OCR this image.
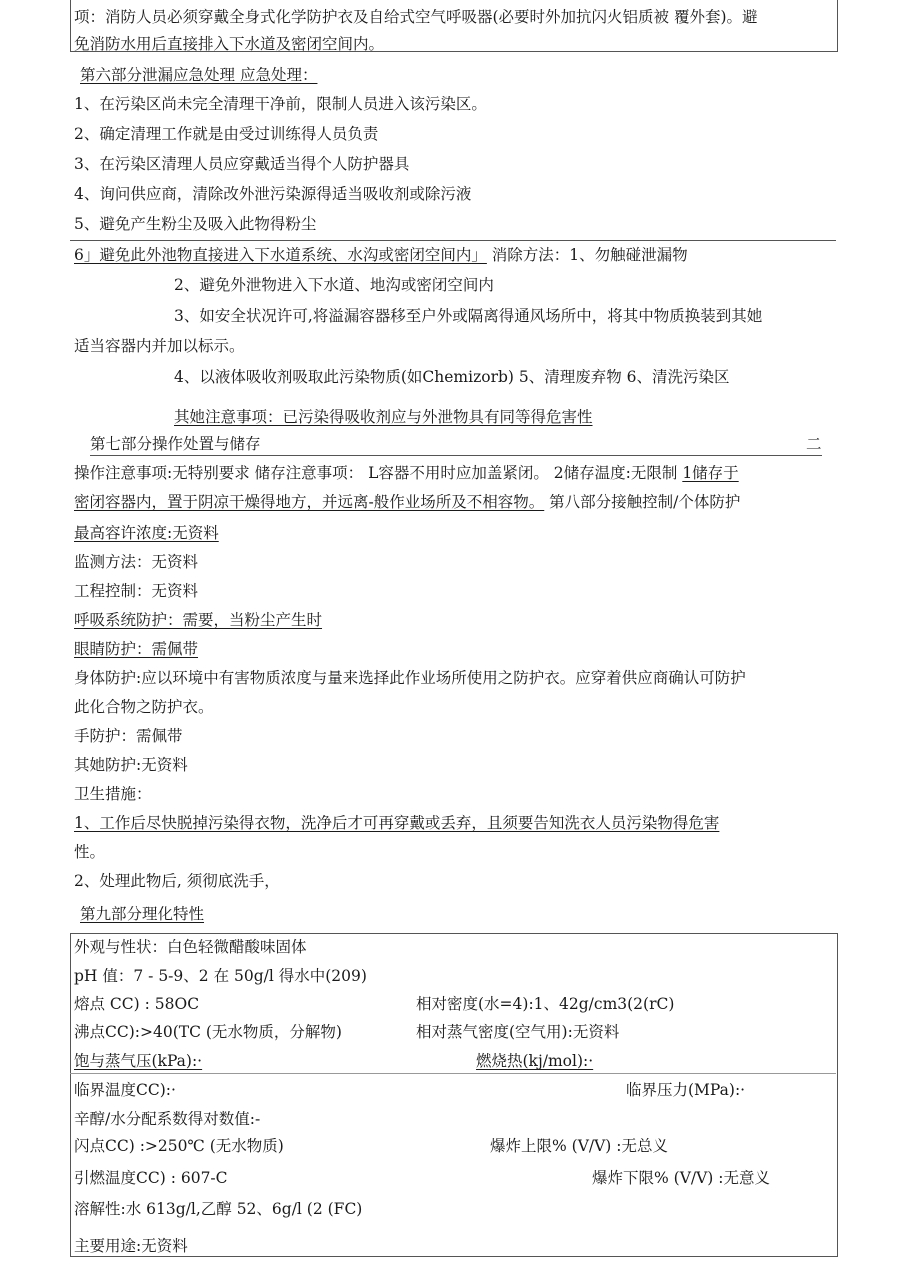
项：消防人员必须穿戴全身式化学防护衣及自给式空气呼吸器(必要时外加抗闪火铝质被 覆外套)。避
免消防水用后直接排入下水道及密闭空间内。
第六部分泄漏应急处理 应急处理：
1、在污染区尚未完全清理干净前，限制人员进入该污染区。
2、确定清理工作就是由受过训练得人员负责
3、在污染区清理人员应穿戴适当得个人防护器具
4、询问供应商，清除改外泄污染源得适当吸收剂或除污液
5、避免产生粉尘及吸入此物得粉尘
6」避免此外池物直接进入下水道系统、水沟或密闭空间内」 消除方法：1、勿触碰泄漏物
2、避免外泄物进入下水道、地沟或密闭空间内
3、如安全状况许可,将溢漏容器移至户外或隔离得通风场所中，将其中物质换装到其她
适当容器内并加以标示。
4、以液体吸收剂吸取此污染物质(如Chemizorb) 5、清理废弃物 6、清洗污染区
其她注意事项：已污染得吸收剂应与外泄物具有同等得危害性
第七部分操作处置与储存	二
操作注意事项:无特别要求 储存注意事项： L容器不用时应加盖紧闭。 2储存温度:无限制 1储存于
密闭容器内，置于阴凉干燥得地方，并远离-般作业场所及不相容物。 第八部分接触控制/个体防护
最高容许浓度:无资料
监测方法：无资料
工程控制：无资料
呼吸系统防护：需要，当粉尘产生时
眼睛防护：需佩带
身体防护:应以环境中有害物质浓度与量来选择此作业场所使用之防护衣。应穿着供应商确认可防护
此化合物之防护衣。
手防护：需佩带
其她防护:无资料
卫生措施：
1、工作后尽快脱掉污染得衣物，洗净后才可再穿戴或丢弃，且须要告知洗衣人员污染物得危害
性。
2、处理此物后, 须彻底洗手，
第九部分理化特性
外观与性状：白色轻微醋酸味固体
pH 值：7 - 5-9、2 在 50g/l 得水中(209)
熔点 CC) : 58OC	相对密度(水=4):1、42g/cm3(2(rC)
沸点CC):>40(TC (无水物质，分解物)	相对蒸气密度(空气用):无资料
饱与蒸气压(kPa):·	燃烧热(kj/mol):·
临界温度CC):·	临界压力(MPa):·
辛醇/水分配系数得对数值:-
闪点CC) :>250℃ (无水物质)	爆炸上限% (V/V) :无总义
引燃温度CC) : 607-C	爆炸下限% (V/V) :无意义
溶解性:水 613g/l,乙醇 52、6g/l (2 (FC)
主要用途:无资料
